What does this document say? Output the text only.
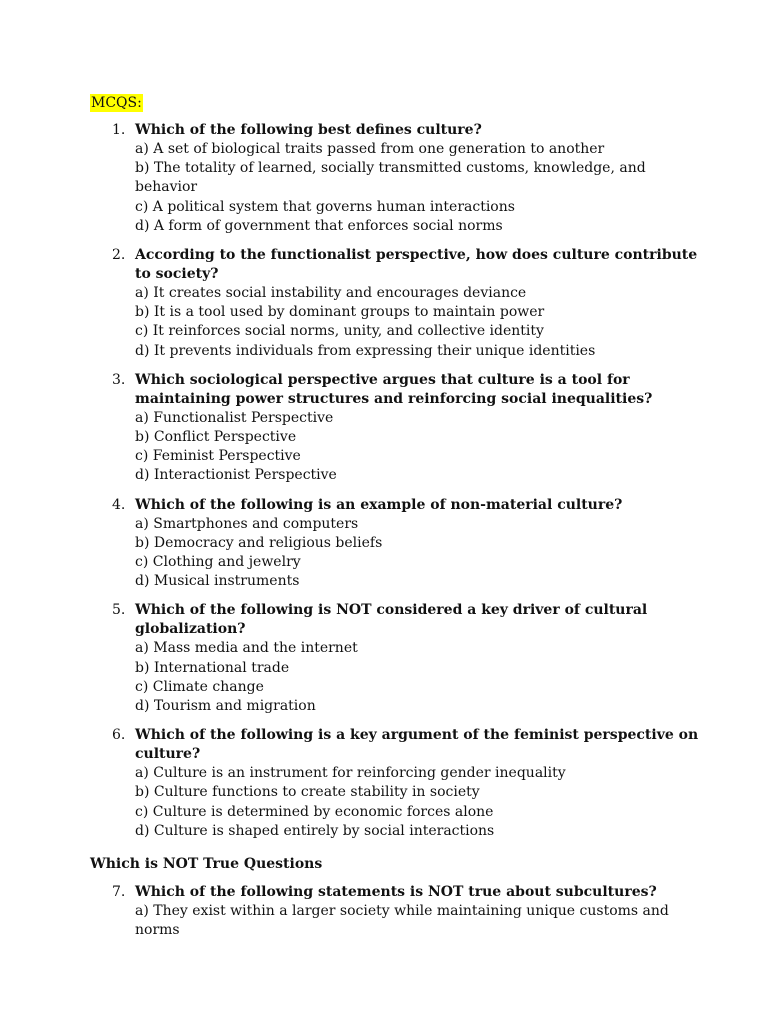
MCQS:
1. Which of the following best defines culture?
a) A set of biological traits passed from one generation to another
b) The totality of learned, socially transmitted customs, knowledge, and behavior
c) A political system that governs human interactions
d) A form of government that enforces social norms
2. According to the functionalist perspective, how does culture contribute to society?
a) It creates social instability and encourages deviance
b) It is a tool used by dominant groups to maintain power
c) It reinforces social norms, unity, and collective identity
d) It prevents individuals from expressing their unique identities
3. Which sociological perspective argues that culture is a tool for maintaining power structures and reinforcing social inequalities?
a) Functionalist Perspective
b) Conflict Perspective
c) Feminist Perspective
d) Interactionist Perspective
4. Which of the following is an example of non-material culture?
a) Smartphones and computers
b) Democracy and religious beliefs
c) Clothing and jewelry
d) Musical instruments
5. Which of the following is NOT considered a key driver of cultural globalization?
a) Mass media and the internet
b) International trade
c) Climate change
d) Tourism and migration
6. Which of the following is a key argument of the feminist perspective on culture?
a) Culture is an instrument for reinforcing gender inequality
b) Culture functions to create stability in society
c) Culture is determined by economic forces alone
d) Culture is shaped entirely by social interactions
Which is NOT True Questions
7. Which of the following statements is NOT true about subcultures?
a) They exist within a larger society while maintaining unique customs and norms
